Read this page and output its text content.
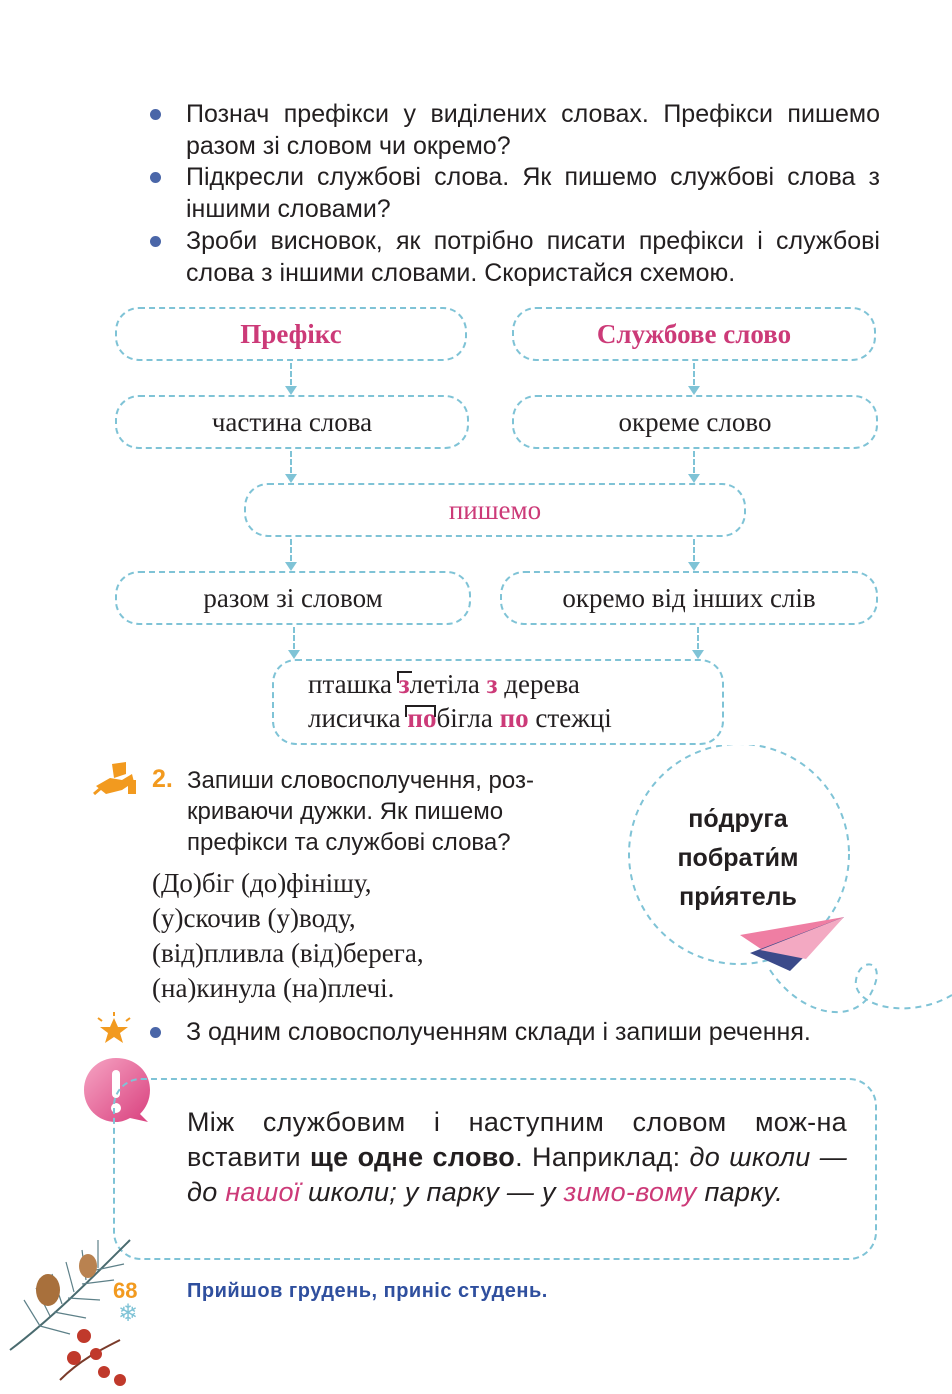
Познач префікси у виділених словах. Префікси пишемо разом зі словом чи окремо?
Підкресли службові слова. Як пишемо службові слова з іншими словами?
Зроби висновок, як потрібно писати префікси і службові слова з іншими словами. Скористайся схемою.
Префікс	Службове слово
частина слова	окреме слово
пишемо
разом зі словом	окремо від інших слів
пташка злетіла з дерева
лисичка побігла по стежці
2. Запиши словосполучення, роз-
криваючи дужки. Як пишемо
префікси та службові слова?
(До)біг (до)фінішу,
(у)скочив (у)воду,
(від)пливла (від)берега,
(на)кинула (на)плечі.
по́друга
побрати́м
при́ятель
З одним словосполученням склади і запиши речення.
Між службовим і наступним словом мож-на вставити ще одне слово. Наприклад: до школи — до нашої школи; у парку — у зимо-вому парку.
68
❄
Прийшов грудень, приніс студень.
